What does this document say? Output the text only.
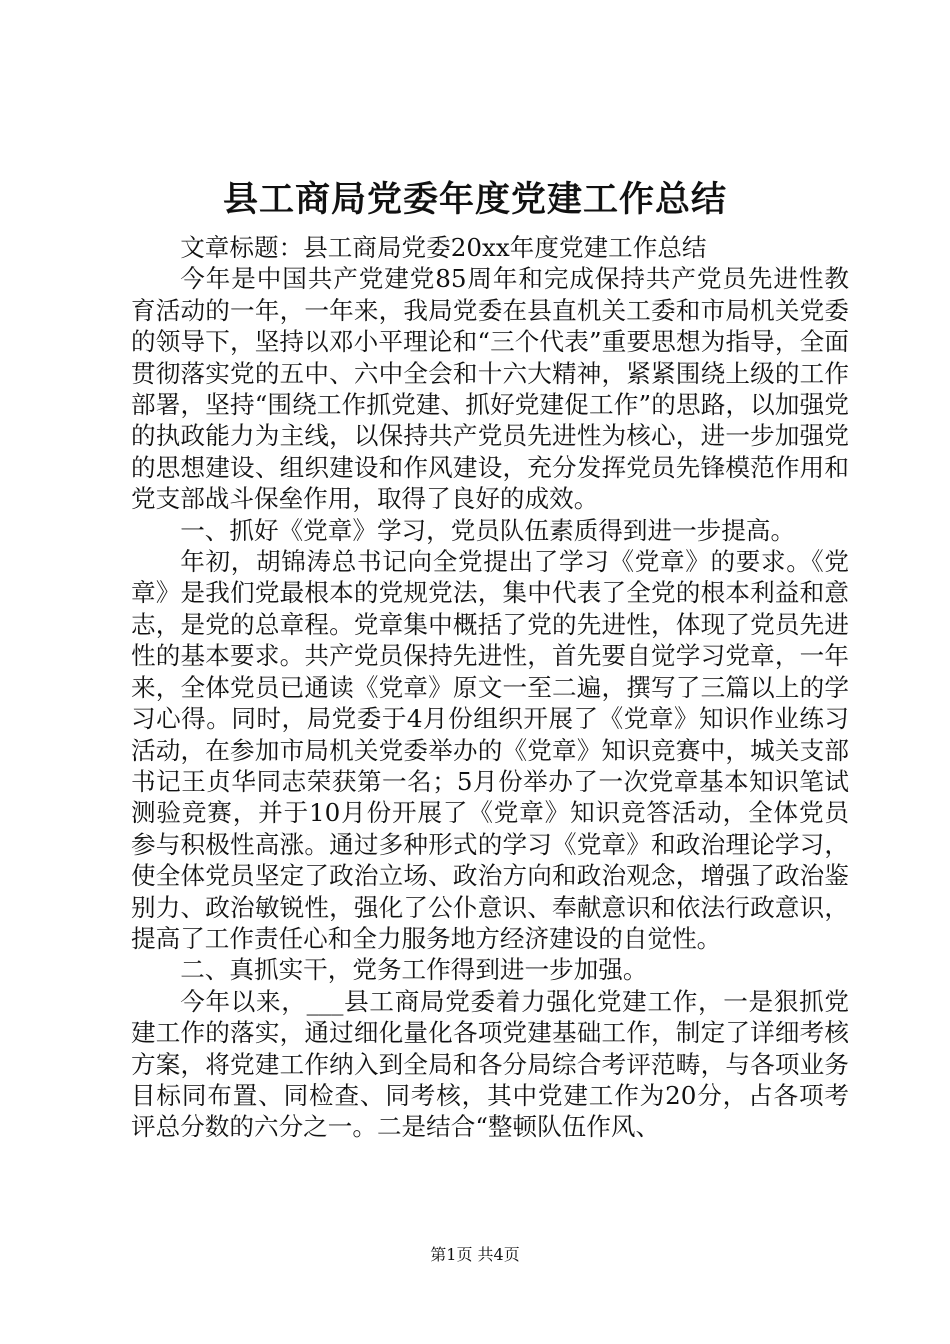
县工商局党委年度党建工作总结

文章标题：县工商局党委20xx年度党建工作总结

今年是中国共产党建党85周年和完成保持共产党员先进性教育活动的一年，一年来，我局党委在县直机关工委和市局机关党委的领导下，坚持以邓小平理论和“三个代表”重要思想为指导，全面贯彻落实党的五中、六中全会和十六大精神，紧紧围绕上级的工作部署，坚持“围绕工作抓党建、抓好党建促工作”的思路，以加强党的执政能力为主线，以保持共产党员先进性为核心，进一步加强党的思想建设、组织建设和作风建设，充分发挥党员先锋模范作用和党支部战斗保垒作用，取得了良好的成效。

一、抓好《党章》学习，党员队伍素质得到进一步提高。

年初，胡锦涛总书记向全党提出了学习《党章》的要求。《党章》是我们党最根本的党规党法，集中代表了全党的根本利益和意志，是党的总章程。党章集中概括了党的先进性，体现了党员先进性的基本要求。共产党员保持先进性，首先要自觉学习党章，一年来，全体党员已通读《党章》原文一至二遍，撰写了三篇以上的学习心得。同时，局党委于4月份组织开展了《党章》知识作业练习活动，在参加市局机关党委举办的《党章》知识竞赛中，城关支部书记王贞华同志荣获第一名；5月份举办了一次党章基本知识笔试测验竞赛，并于10月份开展了《党章》知识竞答活动，全体党员参与积极性高涨。通过多种形式的学习《党章》和政治理论学习，使全体党员坚定了政治立场、政治方向和政治观念，增强了政治鉴别力、政治敏锐性，强化了公仆意识、奉献意识和依法行政意识，提高了工作责任心和全力服务地方经济建设的自觉性。

二、真抓实干，党务工作得到进一步加强。

今年以来，___县工商局党委着力强化党建工作，一是狠抓党建工作的落实，通过细化量化各项党建基础工作，制定了详细考核方案，将党建工作纳入到全局和各分局综合考评范畴，与各项业务目标同布置、同检查、同考核，其中党建工作为20分，占各项考评总分数的六分之一。二是结合“整顿队伍作风、

第1页 共4页
